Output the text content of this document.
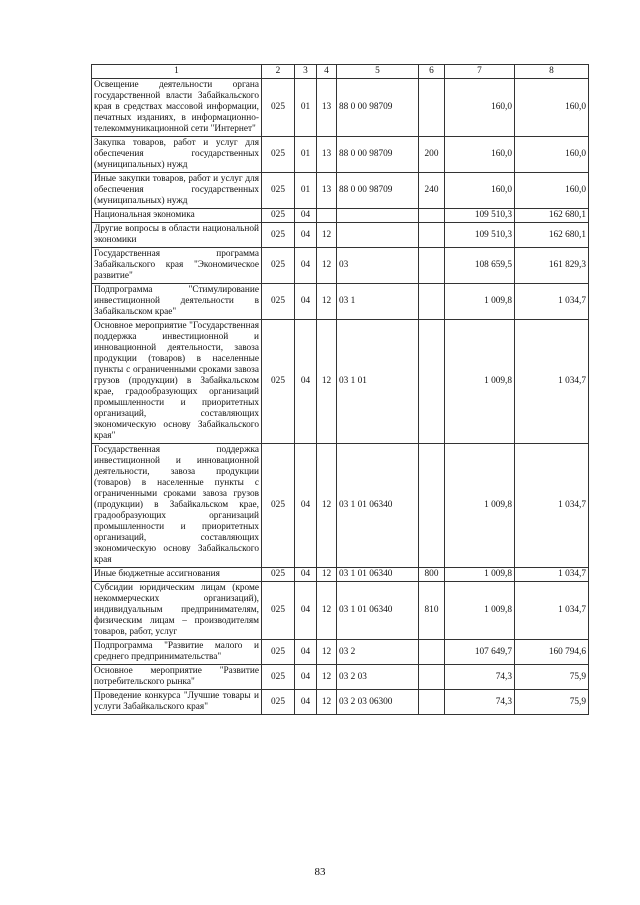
1	2	3	4	5	6	7	8
Освещение деятельности органа государственной власти Забайкальского края в средствах массовой информации, печатных изданиях, в информационно-телекоммуникационной сети "Интернет"	025	01	13	88 0 00 98709		160,0	160,0
Закупка товаров, работ и услуг для обеспечения государственных (муниципальных) нужд	025	01	13	88 0 00 98709	200	160,0	160,0
Иные закупки товаров, работ и услуг для обеспечения государственных (муниципальных) нужд	025	01	13	88 0 00 98709	240	160,0	160,0
Национальная экономика	025	04				109 510,3	162 680,1
Другие вопросы в области национальной экономики	025	04	12			109 510,3	162 680,1
Государственная программа Забайкальского края "Экономическое развитие"	025	04	12	03		108 659,5	161 829,3
Подпрограмма "Стимулирование инвестиционной деятельности в Забайкальском крае"	025	04	12	03 1		1 009,8	1 034,7
Основное мероприятие "Государственная поддержка инвестиционной и инновационной деятельности, завоза продукции (товаров) в населенные пункты с ограниченными сроками завоза грузов (продукции) в Забайкальском крае, градообразующих организаций промышленности и приоритетных организаций, составляющих экономическую основу Забайкальского края"	025	04	12	03 1 01		1 009,8	1 034,7
Государственная поддержка инвестиционной и инновационной деятельности, завоза продукции (товаров) в населенные пункты с ограниченными сроками завоза грузов (продукции) в Забайкальском крае, градообразующих организаций промышленности и приоритетных организаций, составляющих экономическую основу Забайкальского края	025	04	12	03 1 01 06340		1 009,8	1 034,7
Иные бюджетные ассигнования	025	04	12	03 1 01 06340	800	1 009,8	1 034,7
Субсидии юридическим лицам (кроме некоммерческих организаций), индивидуальным предпринимателям, физическим лицам – производителям товаров, работ, услуг	025	04	12	03 1 01 06340	810	1 009,8	1 034,7
Подпрограмма "Развитие малого и среднего предпринимательства"	025	04	12	03 2		107 649,7	160 794,6
Основное мероприятие "Развитие потребительского рынка"	025	04	12	03 2 03		74,3	75,9
Проведение конкурса "Лучшие товары и услуги Забайкальского края"	025	04	12	03 2 03 06300		74,3	75,9
83
